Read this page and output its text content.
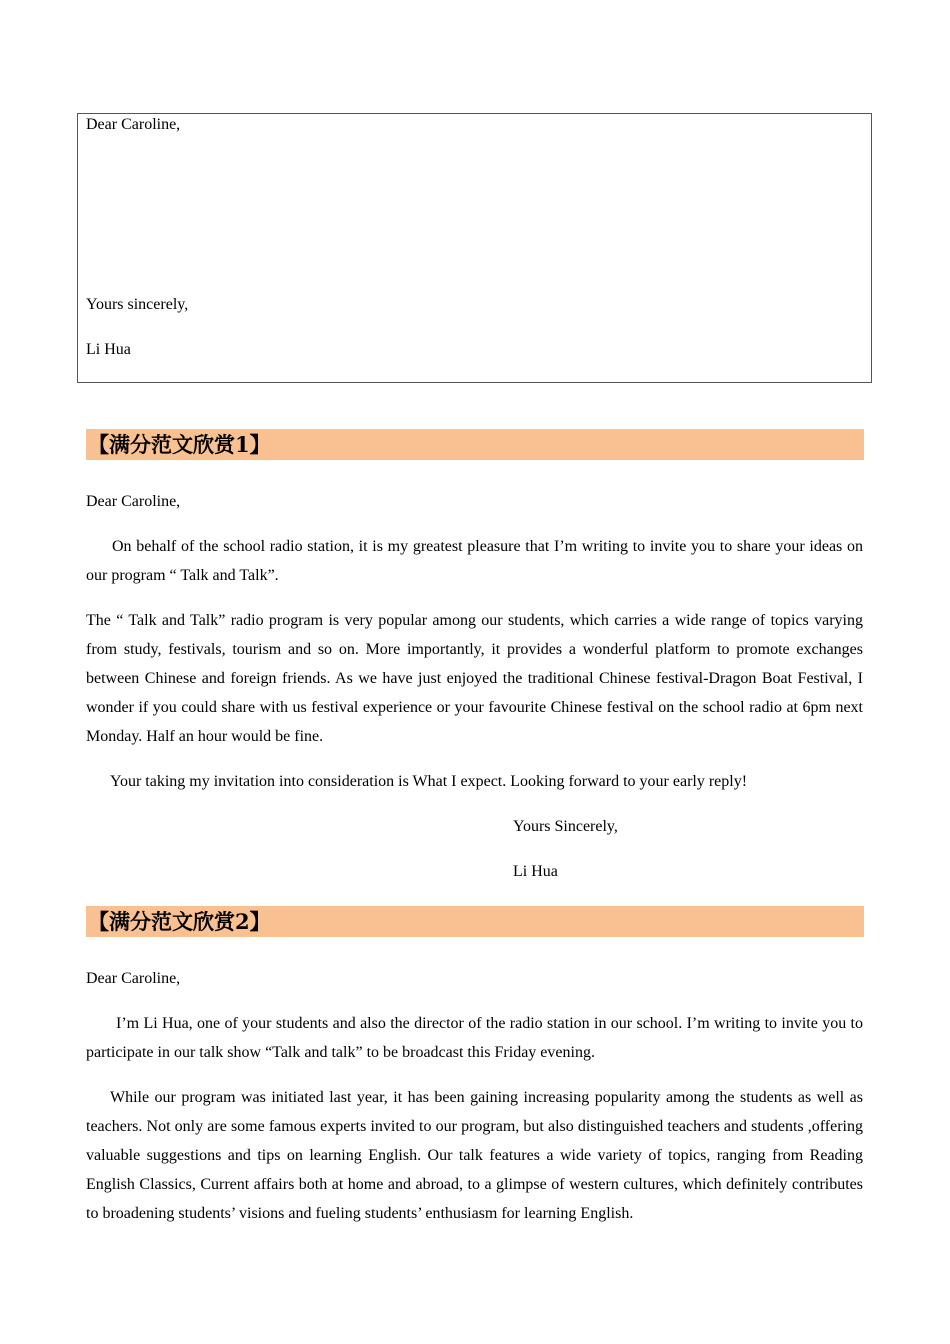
Dear Caroline,
Yours sincerely,
Li Hua
【满分范文欣赏1】
Dear Caroline,

On behalf of the school radio station, it is my greatest pleasure that I’m writing to invite you to share your ideas on our program “ Talk and Talk”.

The “ Talk and Talk” radio program is very popular among our students, which carries a wide range of topics varying from study, festivals, tourism and so on. More importantly, it provides a wonderful platform to promote exchanges between Chinese and foreign friends. As we have just enjoyed the traditional Chinese festival-Dragon Boat Festival, I wonder if you could share with us festival experience or your favourite Chinese festival on the school radio at 6pm next Monday. Half an hour would be fine.

Your taking my invitation into consideration is What I expect. Looking forward to your early reply!

Yours Sincerely,
Li Hua
【满分范文欣赏2】
Dear Caroline,

I’m Li Hua, one of your students and also the director of the radio station in our school. I’m writing to invite you to participate in our talk show “Talk and talk” to be broadcast this Friday evening.

While our program was initiated last year, it has been gaining increasing popularity among the students as well as teachers. Not only are some famous experts invited to our program, but also distinguished teachers and students ,offering valuable suggestions and tips on learning English. Our talk features a wide variety of topics, ranging from Reading English Classics, Current affairs both at home and abroad, to a glimpse of western cultures, which definitely contributes to broadening students’ visions and fueling students’ enthusiasm for learning English.
